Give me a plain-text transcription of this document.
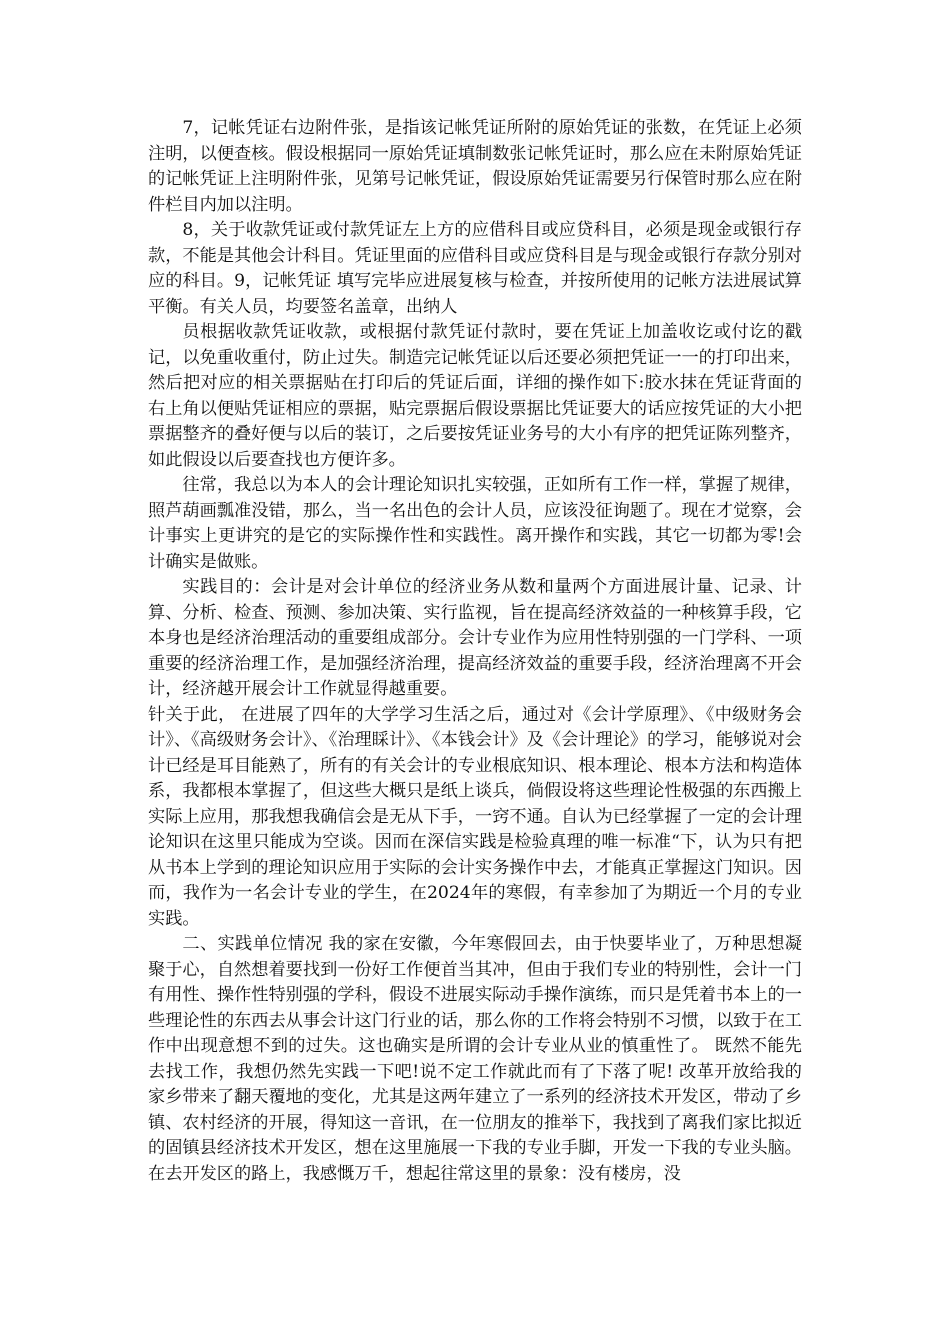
7，记帐凭证右边附件张，是指该记帐凭证所附的原始凭证的张数，在凭证上必须注明，以便查核。假设根据同一原始凭证填制数张记帐凭证时，那么应在未附原始凭证的记帐凭证上注明附件张，见第号记帐凭证，假设原始凭证需要另行保管时那么应在附件栏目内加以注明。

8，关于收款凭证或付款凭证左上方的应借科目或应贷科目，必须是现金或银行存款，不能是其他会计科目。凭证里面的应借科目或应贷科目是与现金或银行存款分别对应的科目。9，记帐凭证 填写完毕应进展复核与检查，并按所使用的记帐方法进展试算平衡。有关人员，均要签名盖章，出纳人

员根据收款凭证收款，或根据付款凭证付款时，要在凭证上加盖收讫或付讫的戳记，以免重收重付，防止过失。制造完记帐凭证以后还要必须把凭证一一的打印出来，然后把对应的相关票据贴在打印后的凭证后面，详细的操作如下:胶水抹在凭证背面的右上角以便贴凭证相应的票据，贴完票据后假设票据比凭证要大的话应按凭证的大小把票据整齐的叠好便与以后的装订，之后要按凭证业务号的大小有序的把凭证陈列整齐，如此假设以后要查找也方便许多。

往常，我总以为本人的会计理论知识扎实较强，正如所有工作一样，掌握了规律，照芦葫画瓢准没错，那么，当一名出色的会计人员，应该没征询题了。现在才觉察，会计事实上更讲究的是它的实际操作性和实践性。离开操作和实践，其它一切都为零!会计确实是做账。

实践目的：会计是对会计单位的经济业务从数和量两个方面进展计量、记录、计算、分析、检查、预测、参加决策、实行监视，旨在提高经济效益的一种核算手段，它本身也是经济治理活动的重要组成部分。会计专业作为应用性特别强的一门学科、一项重要的经济治理工作，是加强经济治理，提高经济效益的重要手段，经济治理离不开会计，经济越开展会计工作就显得越重要。

针关于此， 在进展了四年的大学学习生活之后，通过对《会计学原理》、《中级财务会计》、《高级财务会计》、《治理睬计》、《本钱会计》及《会计理论》的学习，能够说对会计已经是耳目能熟了，所有的有关会计的专业根底知识、根本理论、根本方法和构造体系，我都根本掌握了，但这些大概只是纸上谈兵，倘假设将这些理论性极强的东西搬上实际上应用，那我想我确信会是无从下手，一窍不通。自认为已经掌握了一定的会计理论知识在这里只能成为空谈。因而在深信实践是检验真理的唯一标准“下，认为只有把从书本上学到的理论知识应用于实际的会计实务操作中去，才能真正掌握这门知识。因而，我作为一名会计专业的学生，在2024年的寒假，有幸参加了为期近一个月的专业实践。

二、实践单位情况 我的家在安徽，今年寒假回去，由于快要毕业了，万种思想凝聚于心，自然想着要找到一份好工作便首当其冲，但由于我们专业的特别性，会计一门有用性、操作性特别强的学科，假设不进展实际动手操作演练，而只是凭着书本上的一些理论性的东西去从事会计这门行业的话，那么你的工作将会特别不习惯，以致于在工作中出现意想不到的过失。这也确实是所谓的会计专业从业的慎重性了。 既然不能先去找工作，我想仍然先实践一下吧!说不定工作就此而有了下落了呢! 改革开放给我的家乡带来了翻天覆地的变化，尤其是这两年建立了一系列的经济技术开发区，带动了乡镇、农村经济的开展，得知这一音讯，在一位朋友的推举下，我找到了离我们家比拟近的固镇县经济技术开发区，想在这里施展一下我的专业手脚，开发一下我的专业头脑。 在去开发区的路上，我感慨万千，想起往常这里的景象：没有楼房，没
